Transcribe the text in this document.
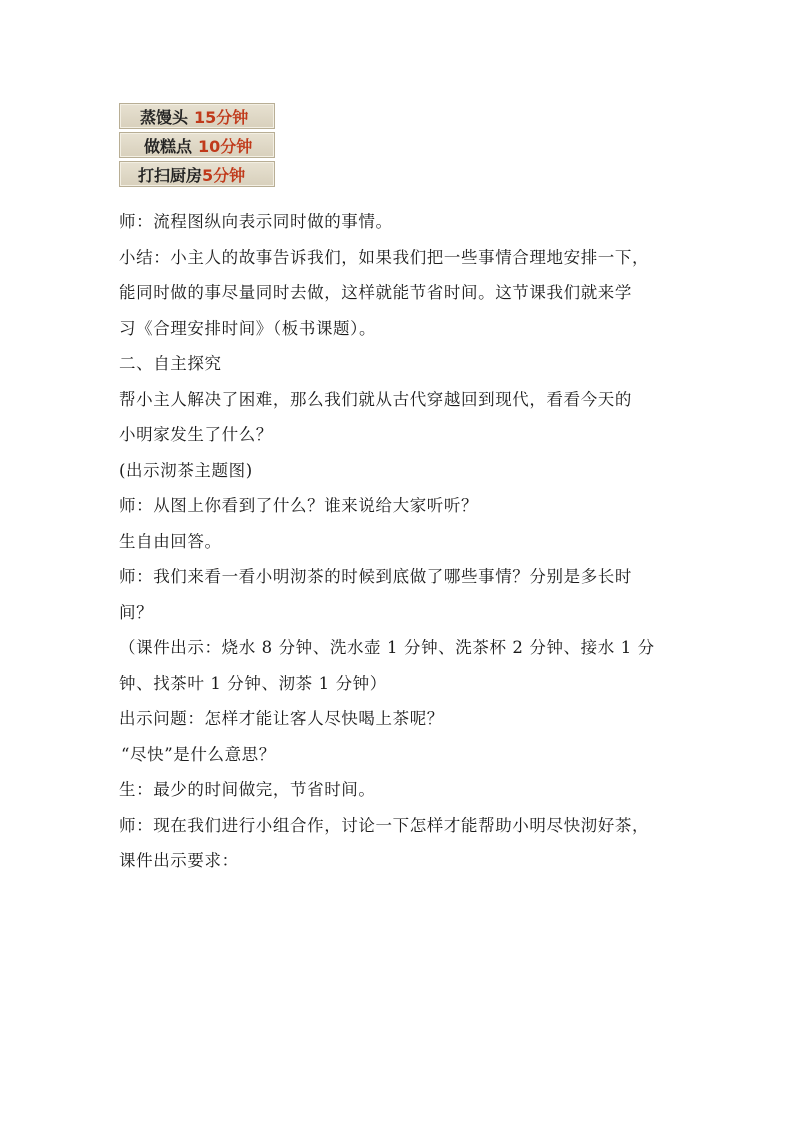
蒸馒头 15分钟
做糕点 10分钟
打扫厨房 5分钟

师：流程图纵向表示同时做的事情。

小结：小主人的故事告诉我们，如果我们把一些事情合理地安排一下，

能同时做的事尽量同时去做，这样就能节省时间。这节课我们就来学

习《合理安排时间》（板书课题）。

二、自主探究

帮小主人解决了困难，那么我们就从古代穿越回到现代，看看今天的

小明家发生了什么？

(出示沏茶主题图)

师：从图上你看到了什么？谁来说给大家听听？

生自由回答。

师：我们来看一看小明沏茶的时候到底做了哪些事情？分别是多长时

间？

（课件出示：烧水 8 分钟、洗水壶 1 分钟、洗茶杯 2 分钟、接水 1 分

钟、找茶叶 1 分钟、沏茶 1 分钟）

出示问题：怎样才能让客人尽快喝上茶呢？

“尽快”是什么意思？

生：最少的时间做完，节省时间。

师：现在我们进行小组合作，讨论一下怎样才能帮助小明尽快沏好茶，

课件出示要求：
